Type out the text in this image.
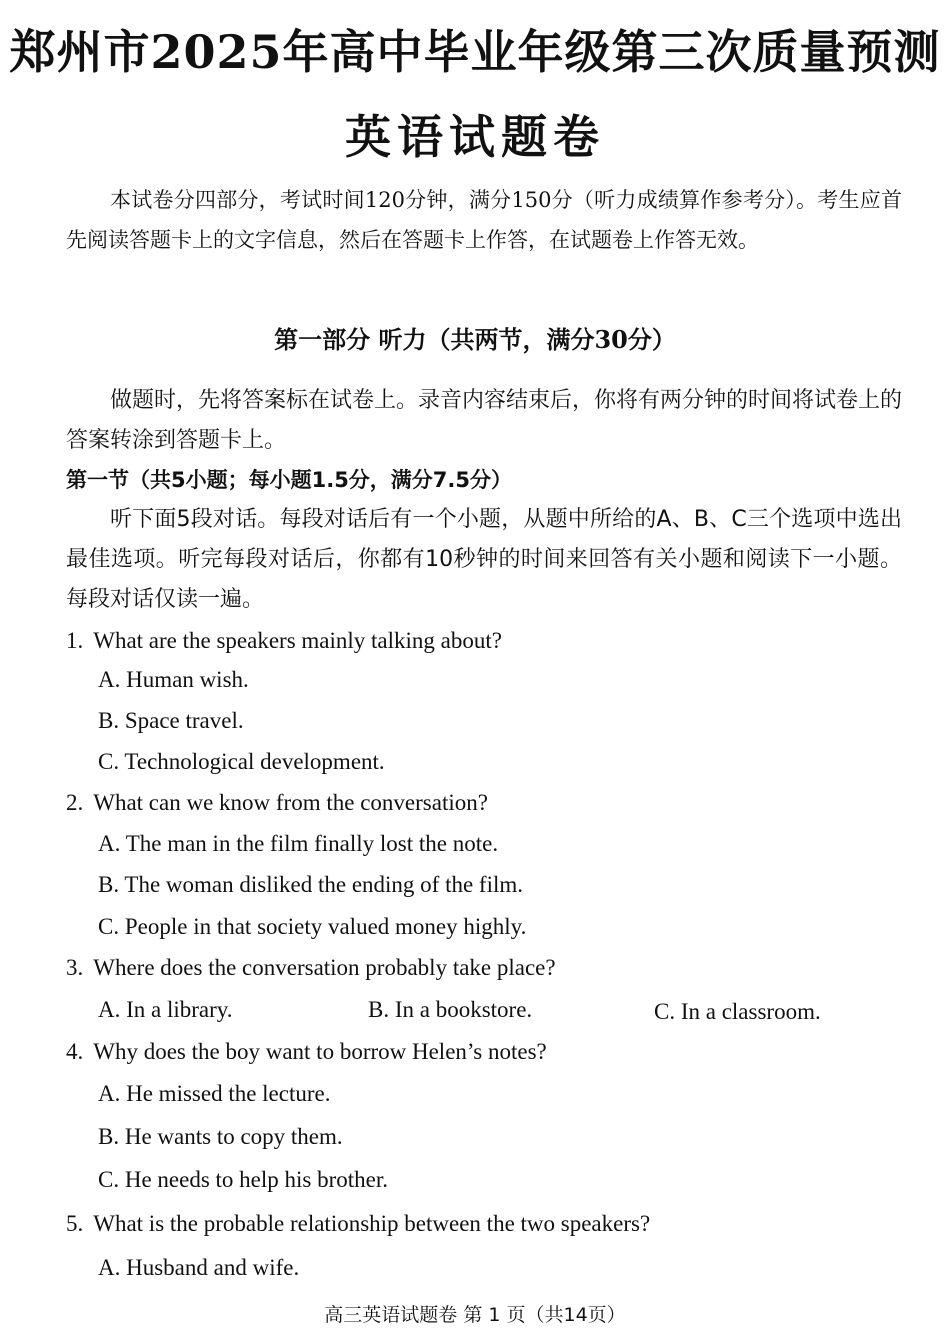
郑州市2025年高中毕业年级第三次质量预测
英语试题卷
本试卷分四部分，考试时间120分钟，满分150分（听力成绩算作参考分）。考生应首先阅读答题卡上的文字信息，然后在答题卡上作答，在试题卷上作答无效。
第一部分 听力（共两节，满分30分）
做题时，先将答案标在试卷上。录音内容结束后，你将有两分钟的时间将试卷上的答案转涂到答题卡上。
第一节（共5小题；每小题1.5分，满分7.5分）
听下面5段对话。每段对话后有一个小题，从题中所给的A、B、C三个选项中选出最佳选项。听完每段对话后，你都有10秒钟的时间来回答有关小题和阅读下一小题。每段对话仅读一遍。
1. What are the speakers mainly talking about?
A. Human wish.
B. Space travel.
C. Technological development.
2. What can we know from the conversation?
A. The man in the film finally lost the note.
B. The woman disliked the ending of the film.
C. People in that society valued money highly.
3. Where does the conversation probably take place?
A. In a library.	B. In a bookstore.	C. In a classroom.
4. Why does the boy want to borrow Helen’s notes?
A. He missed the lecture.
B. He wants to copy them.
C. He needs to help his brother.
5. What is the probable relationship between the two speakers?
A. Husband and wife.
高三英语试题卷 第 1 页（共14页）
